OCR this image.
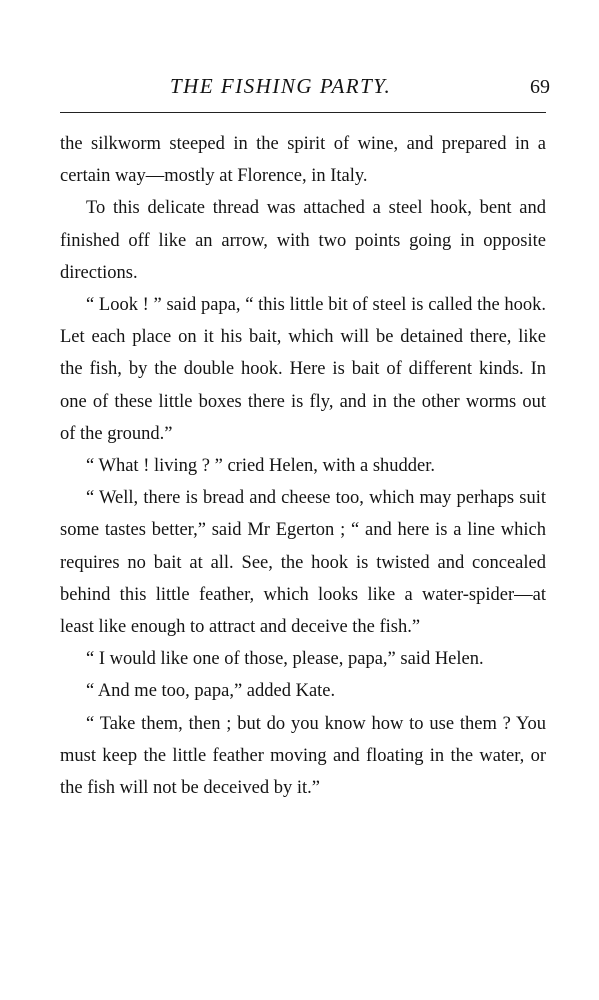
THE FISHING PARTY.	69

the silkworm steeped in the spirit of wine, and prepared in a certain way—mostly at Florence, in Italy.

To this delicate thread was attached a steel hook, bent and finished off like an arrow, with two points going in opposite directions.

“ Look ! ” said papa, “ this little bit of steel is called the hook. Let each place on it his bait, which will be detained there, like the fish, by the double hook. Here is bait of different kinds. In one of these little boxes there is fly, and in the other worms out of the ground.”

“ What ! living ? ” cried Helen, with a shudder.

“ Well, there is bread and cheese too, which may perhaps suit some tastes better,” said Mr Egerton ; “ and here is a line which requires no bait at all. See, the hook is twisted and concealed behind this little feather, which looks like a water-spider—at least like enough to attract and deceive the fish.”

“ I would like one of those, please, papa,” said Helen.

“ And me too, papa,” added Kate.

“ Take them, then ; but do you know how to use them ? You must keep the little feather moving and floating in the water, or the fish will not be deceived by it.”
